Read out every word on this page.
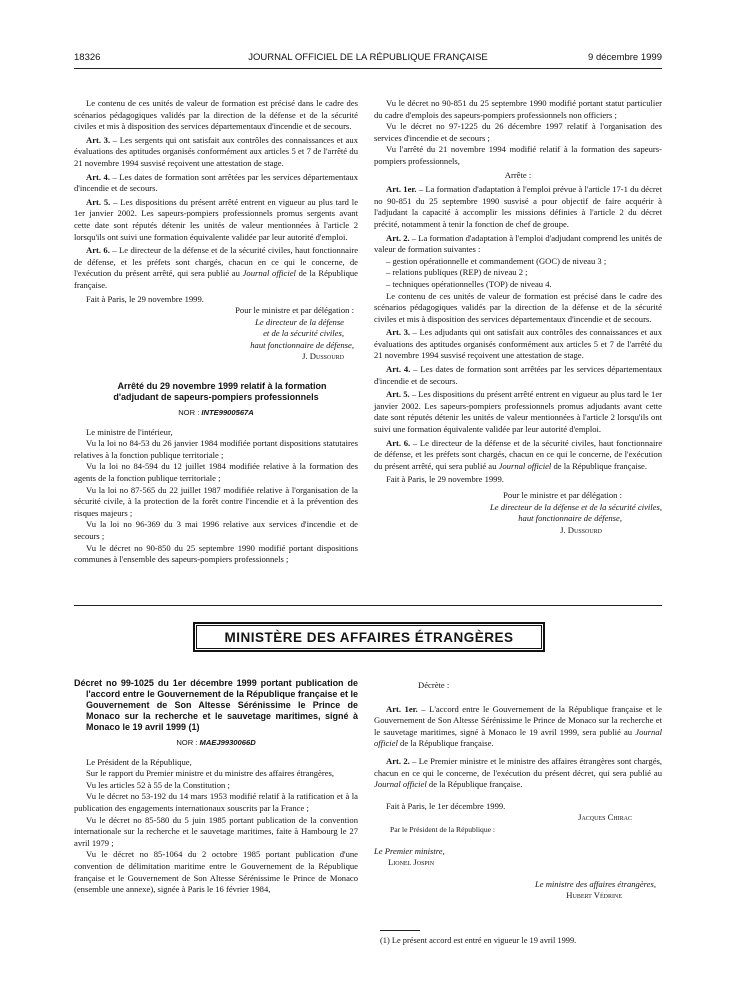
18326	JOURNAL OFFICIEL DE LA RÉPUBLIQUE FRANÇAISE	9 décembre 1999

Le contenu de ces unités de valeur de formation est précisé dans le cadre des scénarios pédagogiques validés par la direction de la défense et de la sécurité civiles et mis à disposition des services départementaux d'incendie et de secours.

Art. 3. – Les sergents qui ont satisfait aux contrôles des connaissances et aux évaluations des aptitudes organisés conformément aux articles 5 et 7 de l'arrêté du 21 novembre 1994 susvisé reçoivent une attestation de stage.

Art. 4. – Les dates de formation sont arrêtées par les services départementaux d'incendie et de secours.

Art. 5. – Les dispositions du présent arrêté entrent en vigueur au plus tard le 1er janvier 2002. Les sapeurs-pompiers professionnels promus sergents avant cette date sont réputés détenir les unités de valeur mentionnées à l'article 2 lorsqu'ils ont suivi une formation équivalente validée par leur autorité d'emploi.

Art. 6. – Le directeur de la défense et de la sécurité civiles, haut fonctionnaire de défense, et les préfets sont chargés, chacun en ce qui le concerne, de l'exécution du présent arrêté, qui sera publié au Journal officiel de la République française.

Fait à Paris, le 29 novembre 1999.

Pour le ministre et par délégation :

Le directeur de la défense

et de la sécurité civiles,

haut fonctionnaire de défense,

J. Dussourd

Arrêté du 29 novembre 1999 relatif à la formation d'adjudant de sapeurs-pompiers professionnels

NOR : INTE9900567A

Le ministre de l'intérieur,

Vu la loi no 84-53 du 26 janvier 1984 modifiée portant dispositions statutaires relatives à la fonction publique territoriale ;

Vu la loi no 84-594 du 12 juillet 1984 modifiée relative à la formation des agents de la fonction publique territoriale ;

Vu la loi no 87-565 du 22 juillet 1987 modifiée relative à l'organisation de la sécurité civile, à la protection de la forêt contre l'incendie et à la prévention des risques majeurs ;

Vu la loi no 96-369 du 3 mai 1996 relative aux services d'incendie et de secours ;

Vu le décret no 90-850 du 25 septembre 1990 modifié portant dispositions communes à l'ensemble des sapeurs-pompiers professionnels ;

Vu le décret no 90-851 du 25 septembre 1990 modifié portant statut particulier du cadre d'emplois des sapeurs-pompiers professionnels non officiers ;

Vu le décret no 97-1225 du 26 décembre 1997 relatif à l'organisation des services d'incendie et de secours ;

Vu l'arrêté du 21 novembre 1994 modifié relatif à la formation des sapeurs-pompiers professionnels,

Arrête :

Art. 1er. – La formation d'adaptation à l'emploi prévue à l'article 17-1 du décret no 90-851 du 25 septembre 1990 susvisé a pour objectif de faire acquérir à l'adjudant la capacité à accomplir les missions définies à l'article 2 du décret précité, notamment à tenir la fonction de chef de groupe.

Art. 2. – La formation d'adaptation à l'emploi d'adjudant comprend les unités de valeur de formation suivantes :

– gestion opérationnelle et commandement (GOC) de niveau 3 ;

– relations publiques (REP) de niveau 2 ;

– techniques opérationnelles (TOP) de niveau 4.

Le contenu de ces unités de valeur de formation est précisé dans le cadre des scénarios pédagogiques validés par la direction de la défense et de la sécurité civiles et mis à disposition des services départementaux d'incendie et de secours.

Art. 3. – Les adjudants qui ont satisfait aux contrôles des connaissances et aux évaluations des aptitudes organisés conformément aux articles 5 et 7 de l'arrêté du 21 novembre 1994 susvisé reçoivent une attestation de stage.

Art. 4. – Les dates de formation sont arrêtées par les services départementaux d'incendie et de secours.

Art. 5. – Les dispositions du présent arrêté entrent en vigueur au plus tard le 1er janvier 2002. Les sapeurs-pompiers professionnels promus adjudants avant cette date sont réputés détenir les unités de valeur mentionnées à l'article 2 lorsqu'ils ont suivi une formation équivalente validée par leur autorité d'emploi.

Art. 6. – Le directeur de la défense et de la sécurité civiles, haut fonctionnaire de défense, et les préfets sont chargés, chacun en ce qui le concerne, de l'exécution du présent arrêté, qui sera publié au Journal officiel de la République française.

Fait à Paris, le 29 novembre 1999.

Pour le ministre et par délégation :

Le directeur de la défense et de la sécurité civiles,

haut fonctionnaire de défense,

J. Dussourd

MINISTÈRE DES AFFAIRES ÉTRANGÈRES

Décret no 99-1025 du 1er décembre 1999 portant publication de l'accord entre le Gouvernement de la République française et le Gouvernement de Son Altesse Sérénissime le Prince de Monaco sur la recherche et le sauvetage maritimes, signé à Monaco le 19 avril 1999 (1)

NOR : MAEJ9930066D

Le Président de la République,

Sur le rapport du Premier ministre et du ministre des affaires étrangères,

Vu les articles 52 à 55 de la Constitution ;

Vu le décret no 53-192 du 14 mars 1953 modifié relatif à la ratification et à la publication des engagements internationaux souscrits par la France ;

Vu le décret no 85-580 du 5 juin 1985 portant publication de la convention internationale sur la recherche et le sauvetage maritimes, faite à Hambourg le 27 avril 1979 ;

Vu le décret no 85-1064 du 2 octobre 1985 portant publication d'une convention de délimitation maritime entre le Gouvernement de la République française et le Gouvernement de Son Altesse Sérénissime le Prince de Monaco (ensemble une annexe), signée à Paris le 16 février 1984,

Décrète :

Art. 1er. – L'accord entre le Gouvernement de la République française et le Gouvernement de Son Altesse Sérénissime le Prince de Monaco sur la recherche et le sauvetage maritimes, signé à Monaco le 19 avril 1999, sera publié au Journal officiel de la République française.

Art. 2. – Le Premier ministre et le ministre des affaires étrangères sont chargés, chacun en ce qui le concerne, de l'exécution du présent décret, qui sera publié au Journal officiel de la République française.

Fait à Paris, le 1er décembre 1999.

Jacques Chirac

Par le Président de la République :

Le Premier ministre,

Lionel Jospin

Le ministre des affaires étrangères,

Hubert Védrine

(1) Le présent accord est entré en vigueur le 19 avril 1999.
